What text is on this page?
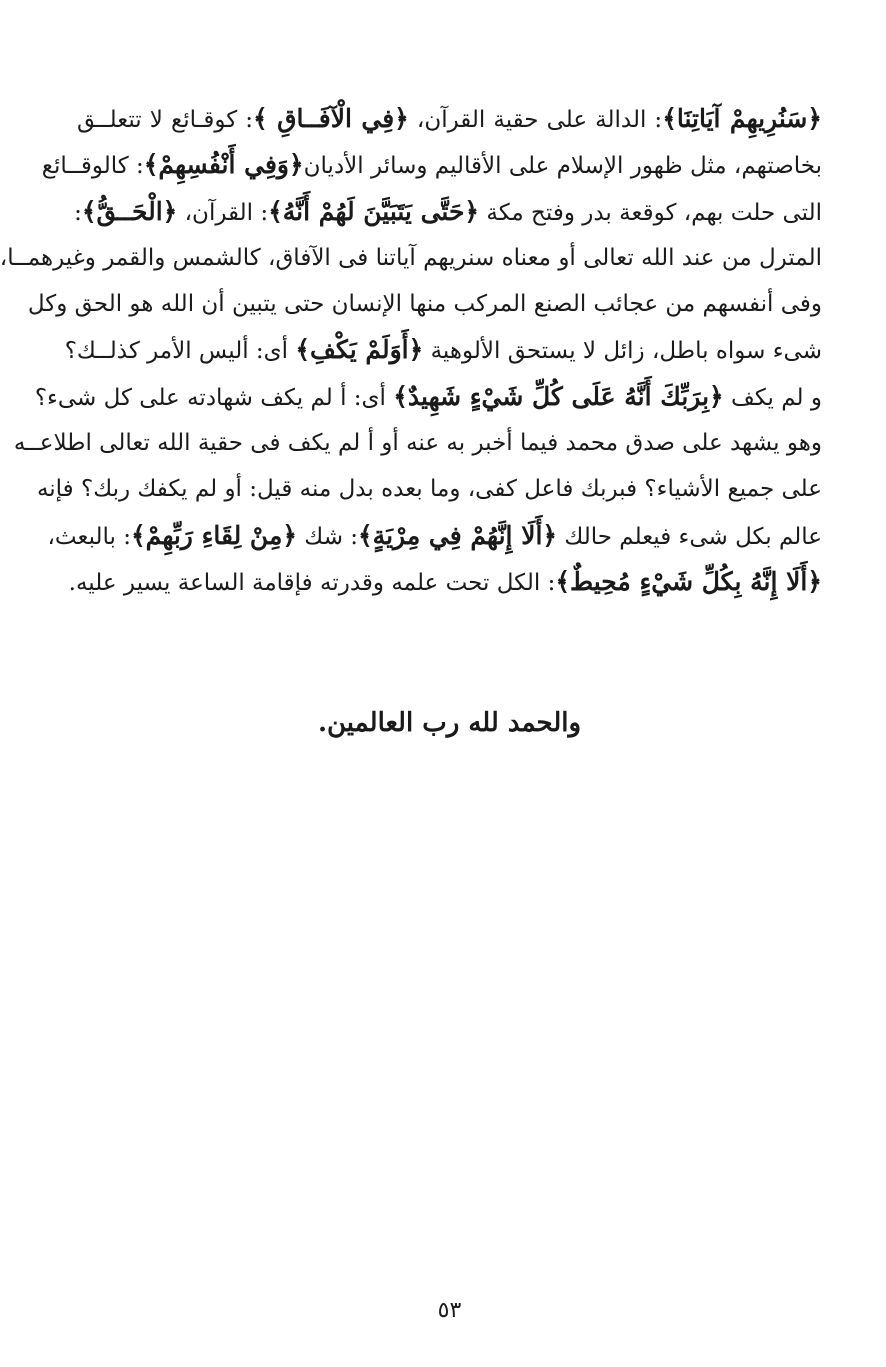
﴿سَنُرِيهِمْ آيَاتِنَا﴾: الدالة على حقية القرآن، ﴿فِي الْآفَــاقِ ﴾: كوقـائع لا تتعلــق
بخاصتهم، مثل ظهور الإسلام على الأقاليم وسائر الأديان﴿وَفِي أَنْفُسِهِمْ﴾: كالوقــائع
التى حلت بهم، كوقعة بدر وفتح مكة ﴿حَتَّى يَتَبَيَّنَ لَهُمْ أَنَّهُ﴾: القرآن، ﴿الْحَــقُّ﴾:
المترل من عند الله تعالى أو معناه سنريهم آياتنا فى الآفاق، كالشمس والقمر وغيرهمــا،
وفى أنفسهم من عجائب الصنع المركب منها الإنسان حتى يتبين أن الله هو الحق وكل
شىء سواه باطل، زائل لا يستحق الألوهية ﴿أَوَلَمْ يَكْفِ﴾ أى: أليس الأمر كذلــك؟
و لم يكف ﴿بِرَبِّكَ أَنَّهُ عَلَى كُلِّ شَيْءٍ شَهِيدٌ﴾ أى: أ لم يكف شهادته على كل شىء؟
وهو يشهد على صدق محمد فيما أخبر به عنه أو أ لم يكف فى حقية الله تعالى اطلاعــه
على جميع الأشياء؟ فبربك فاعل كفى، وما بعده بدل منه قيل: أو لم يكفك ربك؟ فإنه
عالم بكل شىء فيعلم حالك ﴿أَلَا إِنَّهُمْ فِي مِرْيَةٍ﴾: شك ﴿مِنْ لِقَاءِ رَبِّهِمْ﴾: بالبعث،
﴿أَلَا إِنَّهُ بِكُلِّ شَيْءٍ مُحِيطٌ﴾: الكل تحت علمه وقدرته فإقامة الساعة يسير عليه.
والحمد لله رب العالمين.
٥٣
